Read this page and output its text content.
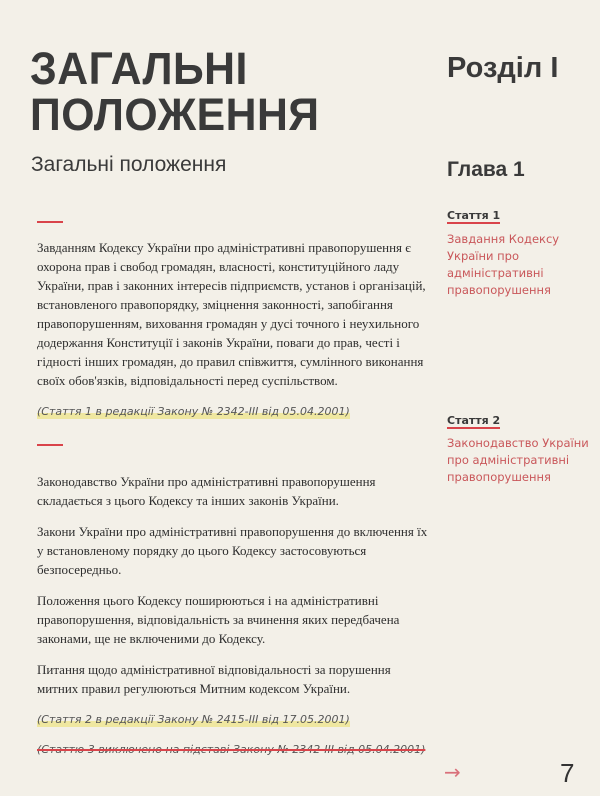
ЗАГАЛЬНІ
ПОЛОЖЕННЯ
Розділ І
Загальні положення	Глава 1

Завданням Кодексу України про адміністративні правопорушення є охорона прав і свобод громадян, власності, конституційного ладу України, прав і законних інтересів підприємств, установ і організацій, встановленого правопорядку, зміцнення законності, запобігання правопорушенням, виховання громадян у дусі точного і неухильного додержання Конституції і законів України, поваги до прав, честі і гідності інших громадян, до правил співжиття, сумлінного виконання своїх обов'язків, відповідальності перед суспільством.

(Стаття 1 в редакції Закону № 2342-III від 05.04.2001)

Законодавство України про адміністративні правопорушення складається з цього Кодексу та інших законів України.

Закони України про адміністративні правопорушення до включення їх у встановленому порядку до цього Кодексу застосовуються безпосередньо.

Положення цього Кодексу поширюються і на адміністративні правопорушення, відповідальність за вчинення яких передбачена законами, ще не включеними до Кодексу.

Питання щодо адміністративної відповідальності за порушення митних правил регулюються Митним кодексом України.

(Стаття 2 в редакції Закону № 2415-III від 17.05.2001)
(Статтю 3 виключено на підставі Закону № 2342-III від 05.04.2001)
Стаття 1
Завдання Кодексу України про адміністративні правопорушення
Стаття 2
Законодавство України про адміністративні правопорушення
→	7
